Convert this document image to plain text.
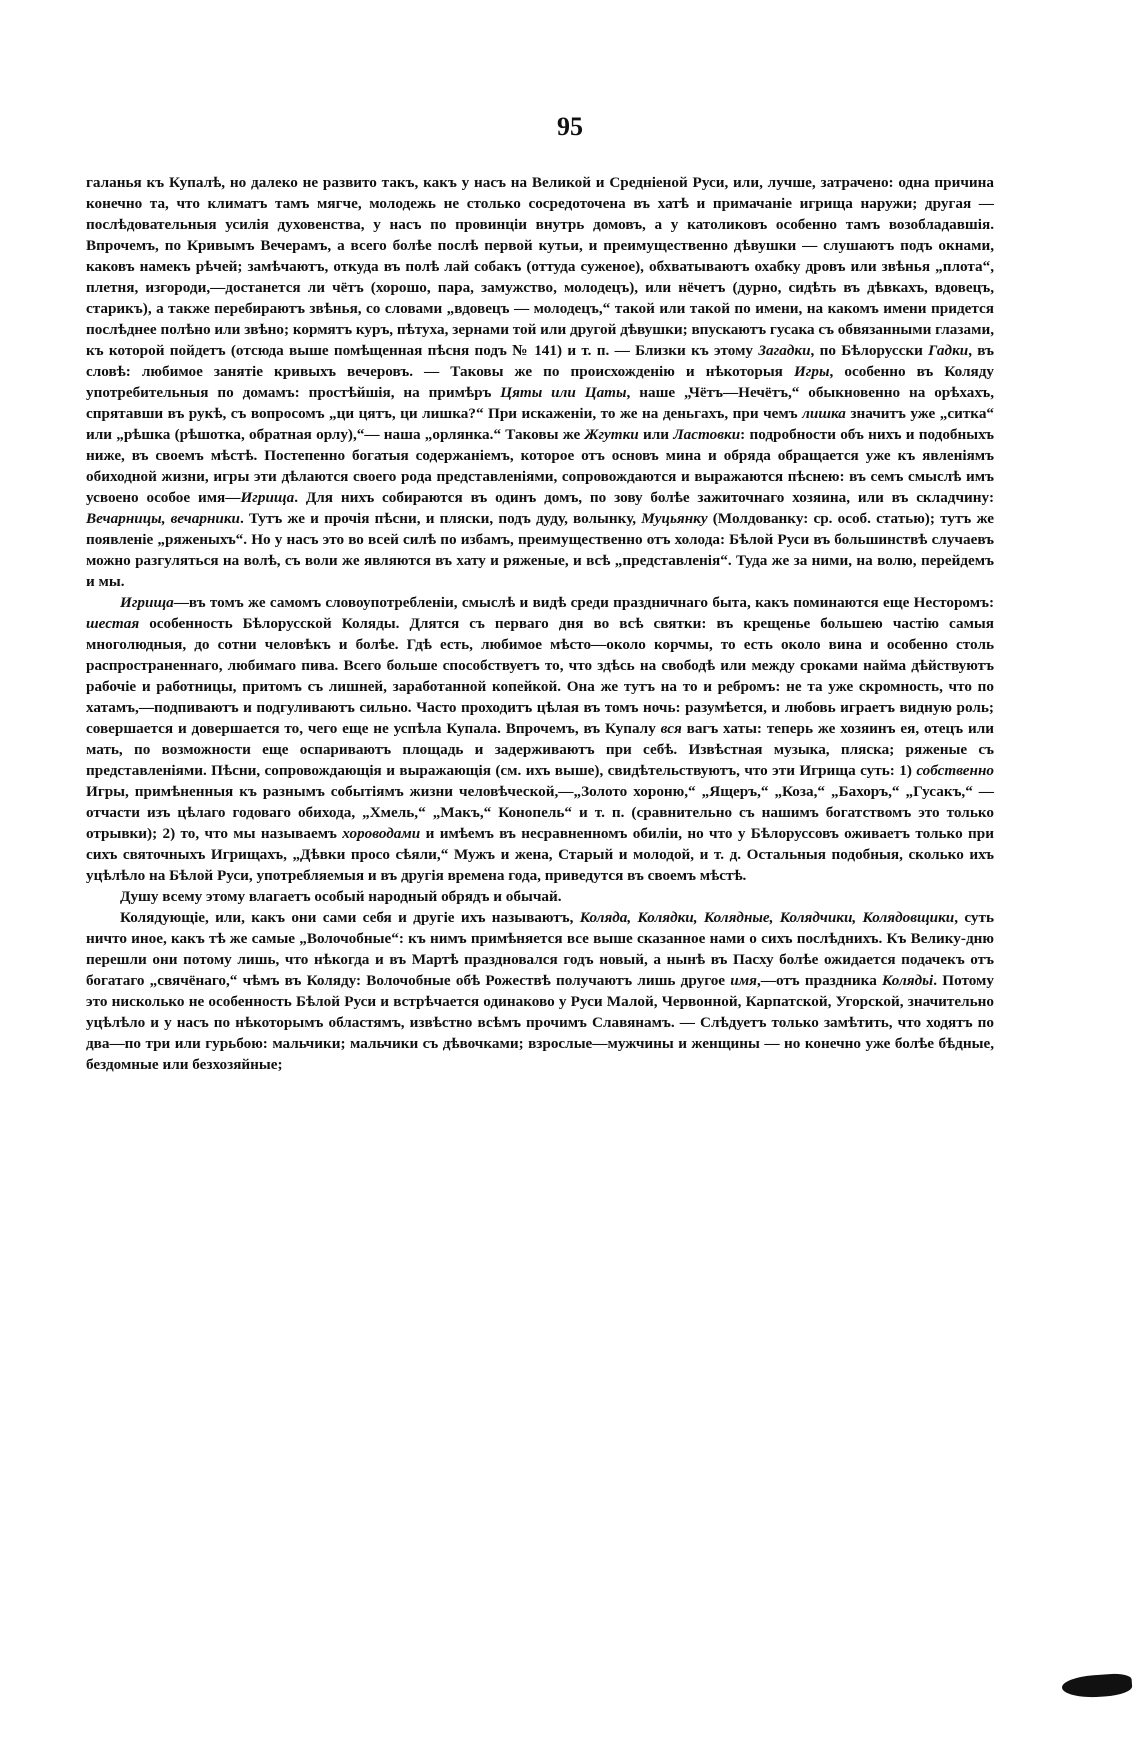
95

галанья къ Купалѣ, но далеко не развито такъ, какъ у насъ на Великой и Средніеной Руси, или, лучше, затрачено: одна причина конечно та, что климатъ тамъ мягче, молодежь не столько сосредоточена въ хатѣ и примачаніе игрища наружи; другая — послѣдовательныя усилія духовенства, у насъ по провинціи внутрь домовъ, а у католиковъ особенно тамъ возобладавшія. Впрочемъ, по Кривымъ Вечерамъ, а всего болѣе послѣ первой кутьи, и преимущественно дѣвушки — слушаютъ подъ окнами, каковъ намекъ рѣчей; замѣчаютъ, откуда въ полѣ лай собакъ (оттуда суженое), обхватываютъ охабку дровъ или звѣнья „плота“, плетня, изгороди,—достанется ли чётъ (хорошо, пара, замужство, молодецъ), или нёчетъ (дурно, сидѣть въ дѣвкахъ, вдовецъ, старикъ), а также перебираютъ звѣнья, со словами „вдовецъ — молодецъ,“ такой или такой по имени, на какомъ имени придется послѣднее полѣно или звѣно; кормятъ куръ, пѣтуха, зернами той или другой дѣвушки; впускаютъ гусака съ обвязанными глазами, къ которой пойдетъ (отсюда выше помѣщенная пѣсня подъ № 141) и т. п. — Близки къ этому Загадки, по Бѣлорусски Гадки, въ словѣ: любимое занятіе кривыхъ вечеровъ. — Таковы же по происхожденію и нѣкоторыя Игры, особенно въ Коляду употребительныя по домамъ: простѣйшія, на примѣръ Цяты или Цаты, наше „Чётъ—Нечётъ,“ обыкновенно на орѣхахъ, спрятавши въ рукѣ, съ вопросомъ „ци цятъ, ци лишка?“ При искаженіи, то же на деньгахъ, при чемъ лишка значитъ уже „ситка“ или „рѣшка (рѣшотка, обратная орлу),“— наша „орлянка.“ Таковы же Жгутки или Ластовки: подробности объ нихъ и подобныхъ ниже, въ своемъ мѣстѣ. Постепенно богатыя содержаніемъ, которое отъ основъ мина и обряда обращается уже къ явленіямъ обиходной жизни, игры эти дѣлаются своего рода представленіями, сопровождаются и выражаются пѣснею: въ семъ смыслѣ имъ усвоено особое имя—Игрища. Для нихъ собираются въ одинъ домъ, по зову болѣе зажиточнаго хозяина, или въ складчину: Вечарницы, вечарники. Тутъ же и прочія пѣсни, и пляски, подъ дуду, волынку, Муцьянку (Молдованку: ср. особ. статью); тутъ же появленіе „ряженыхъ“. Но у насъ это во всей силѣ по избамъ, преимущественно отъ холода: Бѣлой Руси въ большинствѣ случаевъ можно разгуляться на волѣ, съ воли же являются въ хату и ряженые, и всѣ „представленія“. Туда же за ними, на волю, перейдемъ и мы.

Игрища—въ томъ же самомъ словоупотребленіи, смыслѣ и видѣ среди праздничнаго быта, какъ поминаются еще Несторомъ: шестая особенность Бѣлорусской Коляды. Длятся съ перваго дня во всѣ святки: въ крещенье большею частію самыя многолюдныя, до сотни человѣкъ и болѣе. Гдѣ есть, любимое мѣсто—около корчмы, то есть около вина и особенно столь распространеннаго, любимаго пива. Всего больше способствуетъ то, что здѣсь на свободѣ или между сроками найма дѣйствуютъ рабочіе и работницы, притомъ съ лишней, заработанной копейкой. Она же тутъ на то и ребромъ: не та уже скромность, что по хатамъ,—подпиваютъ и подгуливаютъ сильно. Часто проходитъ цѣлая въ томъ ночь: разумѣется, и любовь играетъ видную роль; совершается и довершается то, чего еще не успѣла Купала. Впрочемъ, въ Купалу вся вагъ хаты: теперь же хозяинъ ея, отецъ или мать, по возможности еще оспариваютъ площадь и задерживаютъ при себѣ. Извѣстная музыка, пляска; ряженые съ представленіями. Пѣсни, сопровождающія и выражающія (см. ихъ выше), свидѣтельствуютъ, что эти Игрища суть: 1) собственно Игры, примѣненныя къ разнымъ событіямъ жизни человѣческой,—„Золото хороню,“ „Ящеръ,“ „Коза,“ „Бахоръ,“ „Гусакъ,“ — отчасти изъ цѣлаго годоваго обихода, „Хмель,“ „Макъ,“ Конопель“ и т. п. (сравнительно съ нашимъ богатствомъ это только отрывки); 2) то, что мы называемъ хороводами и имѣемъ въ несравненномъ обиліи, но что у Бѣлоруссовъ оживаетъ только при сихъ святочныхъ Игрищахъ, „Дѣвки просо сѣяли,“ Мужъ и жена, Старый и молодой, и т. д. Остальныя подобныя, сколько ихъ уцѣлѣло на Бѣлой Руси, употребляемыя и въ другія времена года, приведутся въ своемъ мѣстѣ.

Душу всему этому влагаетъ особый народный обрядъ и обычай.

Колядующіе, или, какъ они сами себя и другіе ихъ называютъ, Коляда, Колядки, Колядные, Колядчики, Колядовщики, суть ничто иное, какъ тѣ же самые „Волочобные“: къ нимъ примѣняется все выше сказанное нами о сихъ послѣднихъ. Къ Велику-дню перешли они потому лишь, что нѣкогда и въ Мартѣ праздновался годъ новый, а нынѣ въ Пасху болѣе ожидается подачекъ отъ богатаго „свячёнаго,“ чѣмъ въ Коляду: Волочобные обѣ Рожествѣ получаютъ лишь другое имя,—отъ праздника Колядьі. Потому это нисколько не особенность Бѣлой Руси и встрѣчается одинаково у Руси Малой, Червонной, Карпатской, Угорской, значительно уцѣлѣло и у насъ по нѣкоторымъ областямъ, извѣстно всѣмъ прочимъ Славянамъ. — Слѣдуетъ только замѣтить, что ходятъ по два—по три или гурьбою: мальчики; мальчики съ дѣвочками; взрослые—мужчины и женщины — но конечно уже болѣе бѣдные, бездомные или безхозяйные;
